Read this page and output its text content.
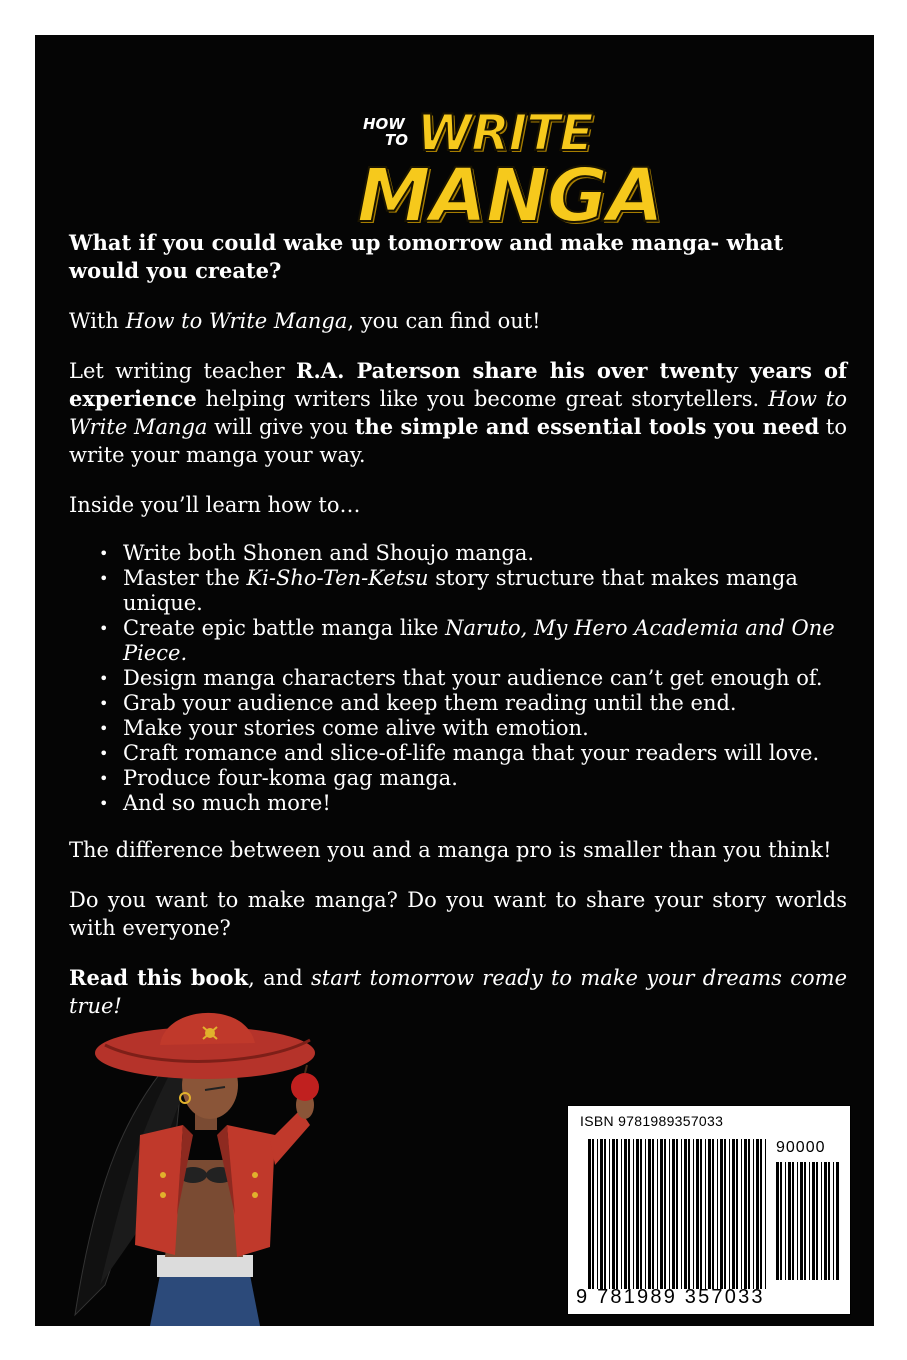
HOW
TO WRITE
MANGA

What if you could wake up tomorrow and make manga- what would you create?

With How to Write Manga, you can find out!

Let writing teacher R.A. Paterson share his over twenty years of experience helping writers like you become great storytellers. How to Write Manga will give you the simple and essential tools you need to write your manga your way.

Inside you’ll learn how to…

• Write both Shonen and Shoujo manga.
• Master the Ki-Sho-Ten-Ketsu story structure that makes manga unique.
• Create epic battle manga like Naruto, My Hero Academia and One Piece.
• Design manga characters that your audience can’t get enough of.
• Grab your audience and keep them reading until the end.
• Make your stories come alive with emotion.
• Craft romance and slice-of-life manga that your readers will love.
• Produce four-koma gag manga.
• And so much more!

The difference between you and a manga pro is smaller than you think!

Do you want to make manga? Do you want to share your story worlds with everyone?

Read this book, and start tomorrow ready to make your dreams come true!

ISBN 9781989357033
90000
9 781989 357033
